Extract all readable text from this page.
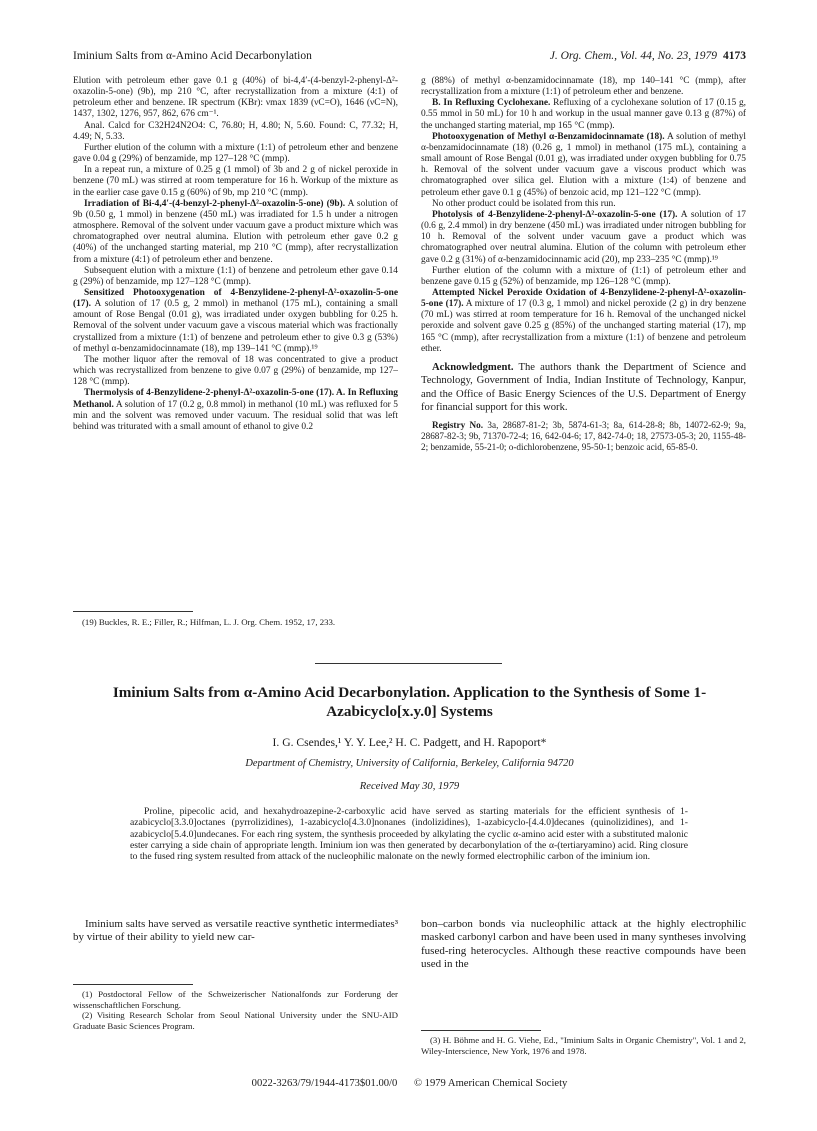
Iminium Salts from α-Amino Acid Decarbonylation	J. Org. Chem., Vol. 44, No. 23, 1979 4173

Elution with petroleum ether gave 0.1 g (40%) of bi-4,4′-(4-benzyl-2-phenyl-Δ²-oxazolin-5-one) (9b), mp 210 °C, after recrystallization from a mixture (4:1) of petroleum ether and benzene. IR spectrum (KBr): νmax 1839 (νC=O), 1646 (νC=N), 1437, 1302, 1276, 957, 862, 676 cm⁻¹.

Anal. Calcd for C32H24N2O4: C, 76.80; H, 4.80; N, 5.60. Found: C, 77.32; H, 4.49; N, 5.33.

Further elution of the column with a mixture (1:1) of petroleum ether and benzene gave 0.04 g (29%) of benzamide, mp 127–128 °C (mmp).

In a repeat run, a mixture of 0.25 g (1 mmol) of 3b and 2 g of nickel peroxide in benzene (70 mL) was stirred at room temperature for 16 h. Workup of the mixture as in the earlier case gave 0.15 g (60%) of 9b, mp 210 °C (mmp).

Irradiation of Bi-4,4′-(4-benzyl-2-phenyl-Δ²-oxazolin-5-one) (9b). A solution of 9b (0.50 g, 1 mmol) in benzene (450 mL) was irradiated for 1.5 h under a nitrogen atmosphere. Removal of the solvent under vacuum gave a product mixture which was chromatographed over neutral alumina. Elution with petroleum ether gave 0.2 g (40%) of the unchanged starting material, mp 210 °C (mmp), after recrystallization from a mixture (4:1) of petroleum ether and benzene.

Subsequent elution with a mixture (1:1) of benzene and petroleum ether gave 0.14 g (29%) of benzamide, mp 127–128 °C (mmp).

Sensitized Photooxygenation of 4-Benzylidene-2-phenyl-Δ²-oxazolin-5-one (17). A solution of 17 (0.5 g, 2 mmol) in methanol (175 mL), containing a small amount of Rose Bengal (0.01 g), was irradiated under oxygen bubbling for 0.25 h. Removal of the solvent under vacuum gave a viscous material which was fractionally crystallized from a mixture (1:1) of benzene and petroleum ether to give 0.3 g (53%) of methyl α-benzamidocinnamate (18), mp 139–141 °C (mmp).¹⁹

The mother liquor after the removal of 18 was concentrated to give a product which was recrystallized from benzene to give 0.07 g (29%) of benzamide, mp 127–128 °C (mmp).

Thermolysis of 4-Benzylidene-2-phenyl-Δ²-oxazolin-5-one (17). A. In Refluxing Methanol. A solution of 17 (0.2 g, 0.8 mmol) in methanol (10 mL) was refluxed for 5 min and the solvent was removed under vacuum. The residual solid that was left behind was triturated with a small amount of ethanol to give 0.2

(19) Buckles, R. E.; Filler, R.; Hilfman, L. J. Org. Chem. 1952, 17, 233.

g (88%) of methyl α-benzamidocinnamate (18), mp 140–141 °C (mmp), after recrystallization from a mixture (1:1) of petroleum ether and benzene.

B. In Refluxing Cyclohexane. Refluxing of a cyclohexane solution of 17 (0.15 g, 0.55 mmol in 50 mL) for 10 h and workup in the usual manner gave 0.13 g (87%) of the unchanged starting material, mp 165 °C (mmp).

Photooxygenation of Methyl α-Benzamidocinnamate (18). A solution of methyl α-benzamidocinnamate (18) (0.26 g, 1 mmol) in methanol (175 mL), containing a small amount of Rose Bengal (0.01 g), was irradiated under oxygen bubbling for 0.75 h. Removal of the solvent under vacuum gave a viscous product which was chromatographed over silica gel. Elution with a mixture (1:4) of benzene and petroleum ether gave 0.1 g (45%) of benzoic acid, mp 121–122 °C (mmp).

No other product could be isolated from this run.

Photolysis of 4-Benzylidene-2-phenyl-Δ²-oxazolin-5-one (17). A solution of 17 (0.6 g, 2.4 mmol) in dry benzene (450 mL) was irradiated under nitrogen bubbling for 10 h. Removal of the solvent under vacuum gave a product which was chromatographed over neutral alumina. Elution of the column with petroleum ether gave 0.2 g (31%) of α-benzamidocinnamic acid (20), mp 233–235 °C (mmp).¹⁹

Further elution of the column with a mixture of (1:1) of petroleum ether and benzene gave 0.15 g (52%) of benzamide, mp 126–128 °C (mmp).

Attempted Nickel Peroxide Oxidation of 4-Benzylidene-2-phenyl-Δ²-oxazolin-5-one (17). A mixture of 17 (0.3 g, 1 mmol) and nickel peroxide (2 g) in dry benzene (70 mL) was stirred at room temperature for 16 h. Removal of the unchanged nickel peroxide and solvent gave 0.25 g (85%) of the unchanged starting material (17), mp 165 °C (mmp), after recrystallization from a mixture (1:1) of benzene and petroleum ether.

Acknowledgment. The authors thank the Department of Science and Technology, Government of India, Indian Institute of Technology, Kanpur, and the Office of Basic Energy Sciences of the U.S. Department of Energy for financial support for this work.

Registry No. 3a, 28687-81-2; 3b, 5874-61-3; 8a, 614-28-8; 8b, 14072-62-9; 9a, 28687-82-3; 9b, 71370-72-4; 16, 642-04-6; 17, 842-74-0; 18, 27573-05-3; 20, 1155-48-2; benzamide, 55-21-0; o-dichlorobenzene, 95-50-1; benzoic acid, 65-85-0.

Iminium Salts from α-Amino Acid Decarbonylation. Application to the Synthesis of Some 1-Azabicyclo[x.y.0] Systems
I. G. Csendes,¹ Y. Y. Lee,² H. C. Padgett, and H. Rapoport*
Department of Chemistry, University of California, Berkeley, California 94720
Received May 30, 1979

Proline, pipecolic acid, and hexahydroazepine-2-carboxylic acid have served as starting materials for the efficient synthesis of 1-azabicyclo[3.3.0]octanes (pyrrolizidines), 1-azabicyclo[4.3.0]nonanes (indolizidines), 1-azabicyclo-[4.4.0]decanes (quinolizidines), and 1-azabicyclo[5.4.0]undecanes. For each ring system, the synthesis proceeded by alkylating the cyclic α-amino acid ester with a substituted malonic ester carrying a side chain of appropriate length. Iminium ion was then generated by decarbonylation of the α-(tertiaryamino) acid. Ring closure to the fused ring system resulted from attack of the nucleophilic malonate on the newly formed electrophilic carbon of the iminium ion.

Iminium salts have served as versatile reactive synthetic intermediates³ by virtue of their ability to yield new car-

bon–carbon bonds via nucleophilic attack at the highly electrophilic masked carbonyl carbon and have been used in many syntheses involving fused-ring heterocycles. Although these reactive compounds have been used in the

(1) Postdoctoral Fellow of the Schweizerischer Nationalfonds zur Forderung der wissenschaftlichen Forschung.

(2) Visiting Research Scholar from Seoul National University under the SNU-AID Graduate Basic Sciences Program.

(3) H. Böhme and H. G. Viehe, Ed., "Iminium Salts in Organic Chemistry", Vol. 1 and 2, Wiley-Interscience, New York, 1976 and 1978.

0022-3263/79/1944-4173$01.00/0 © 1979 American Chemical Society
